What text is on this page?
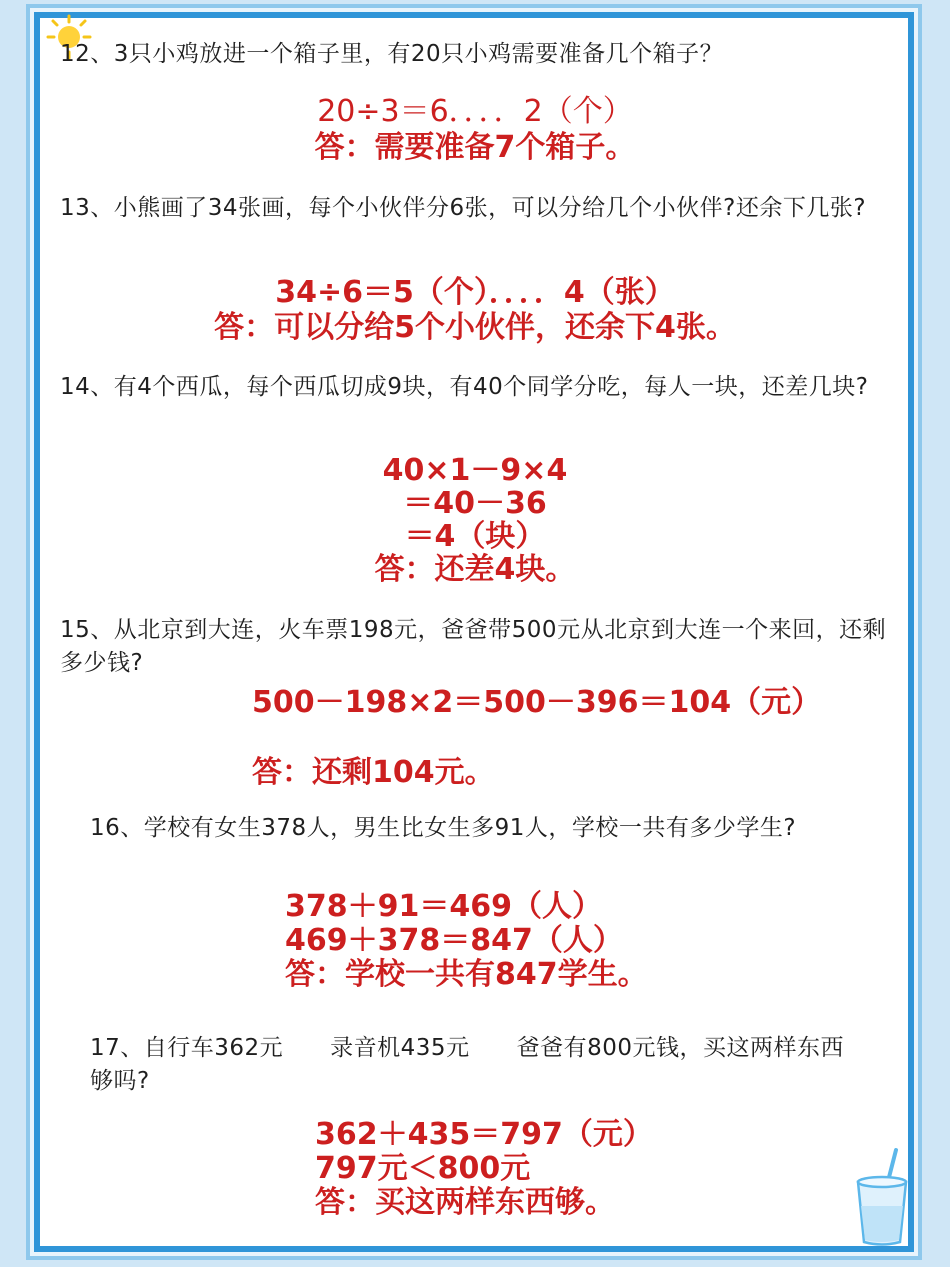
12、3只小鸡放进一个箱子里，有20只小鸡需要准备几个箱子？
20÷3＝6．．．．2（个）
答：需要准备7个箱子。
13、小熊画了34张画，每个小伙伴分6张，可以分给几个小伙伴?还余下几张?
34÷6＝5（个）．．．．4（张）
答：可以分给5个小伙伴，还余下4张。
14、有4个西瓜，每个西瓜切成9块，有40个同学分吃，每人一块，还差几块?
40×1－9×4
＝40－36
＝4（块）
答：还差4块。
15、从北京到大连，火车票198元，爸爸带500元从北京到大连一个来回，还剩多少钱?
500－198×2＝500－396＝104（元）
答：还剩104元。
16、学校有女生378人，男生比女生多91人，学校一共有多少学生?
378＋91＝469（人）
469＋378＝847（人）
答：学校一共有847学生。
17、自行车362元　　录音机435元　　爸爸有800元钱，买这两样东西够吗?
362＋435＝797（元）
797元＜800元
答：买这两样东西够。
